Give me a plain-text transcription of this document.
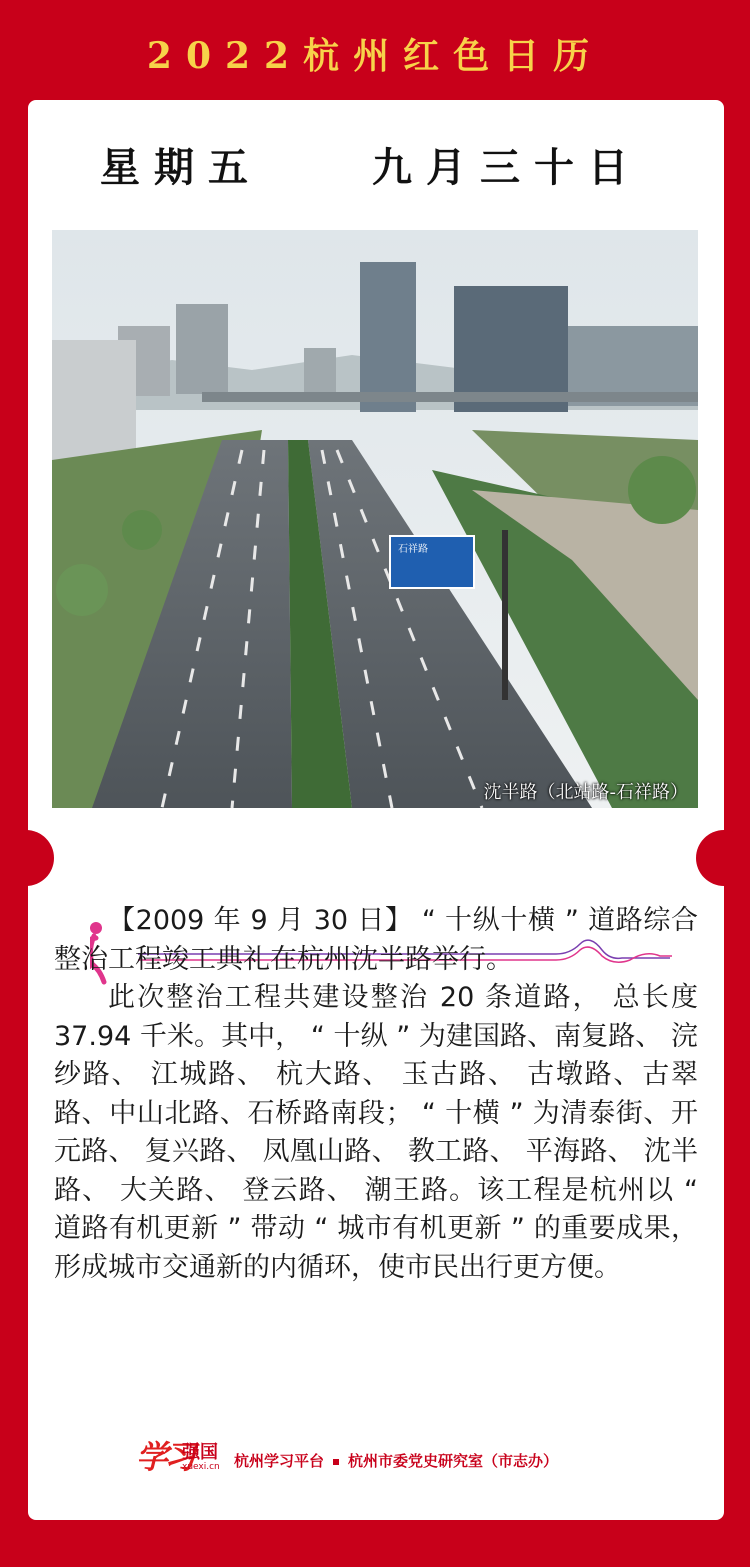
2022杭州红色日历
星期五	九月三十日
石祥路
沈半路（北站路-石祥路）

【2009 年 9 月 30 日】 “ 十纵十横 ” 道路综合整治工程竣工典礼在杭州沈半路举行。

此次整治工程共建设整治 20 条道路， 总长度 37.94 千米。其中， “ 十纵 ” 为建国路、南复路、 浣纱路、 江城路、 杭大路、 玉古路、 古墩路、古翠路、中山北路、石桥路南段； “ 十横 ” 为清泰街、开元路、 复兴路、 凤凰山路、 教工路、 平海路、 沈半路、 大关路、 登云路、 潮王路。该工程是杭州以 “ 道路有机更新 ” 带动 “ 城市有机更新 ” 的重要成果， 形成城市交通新的内循环，使市民出行更方便。

学习
强国
xuexi.cn 杭州学习平台 杭州市委党史研究室（市志办）
